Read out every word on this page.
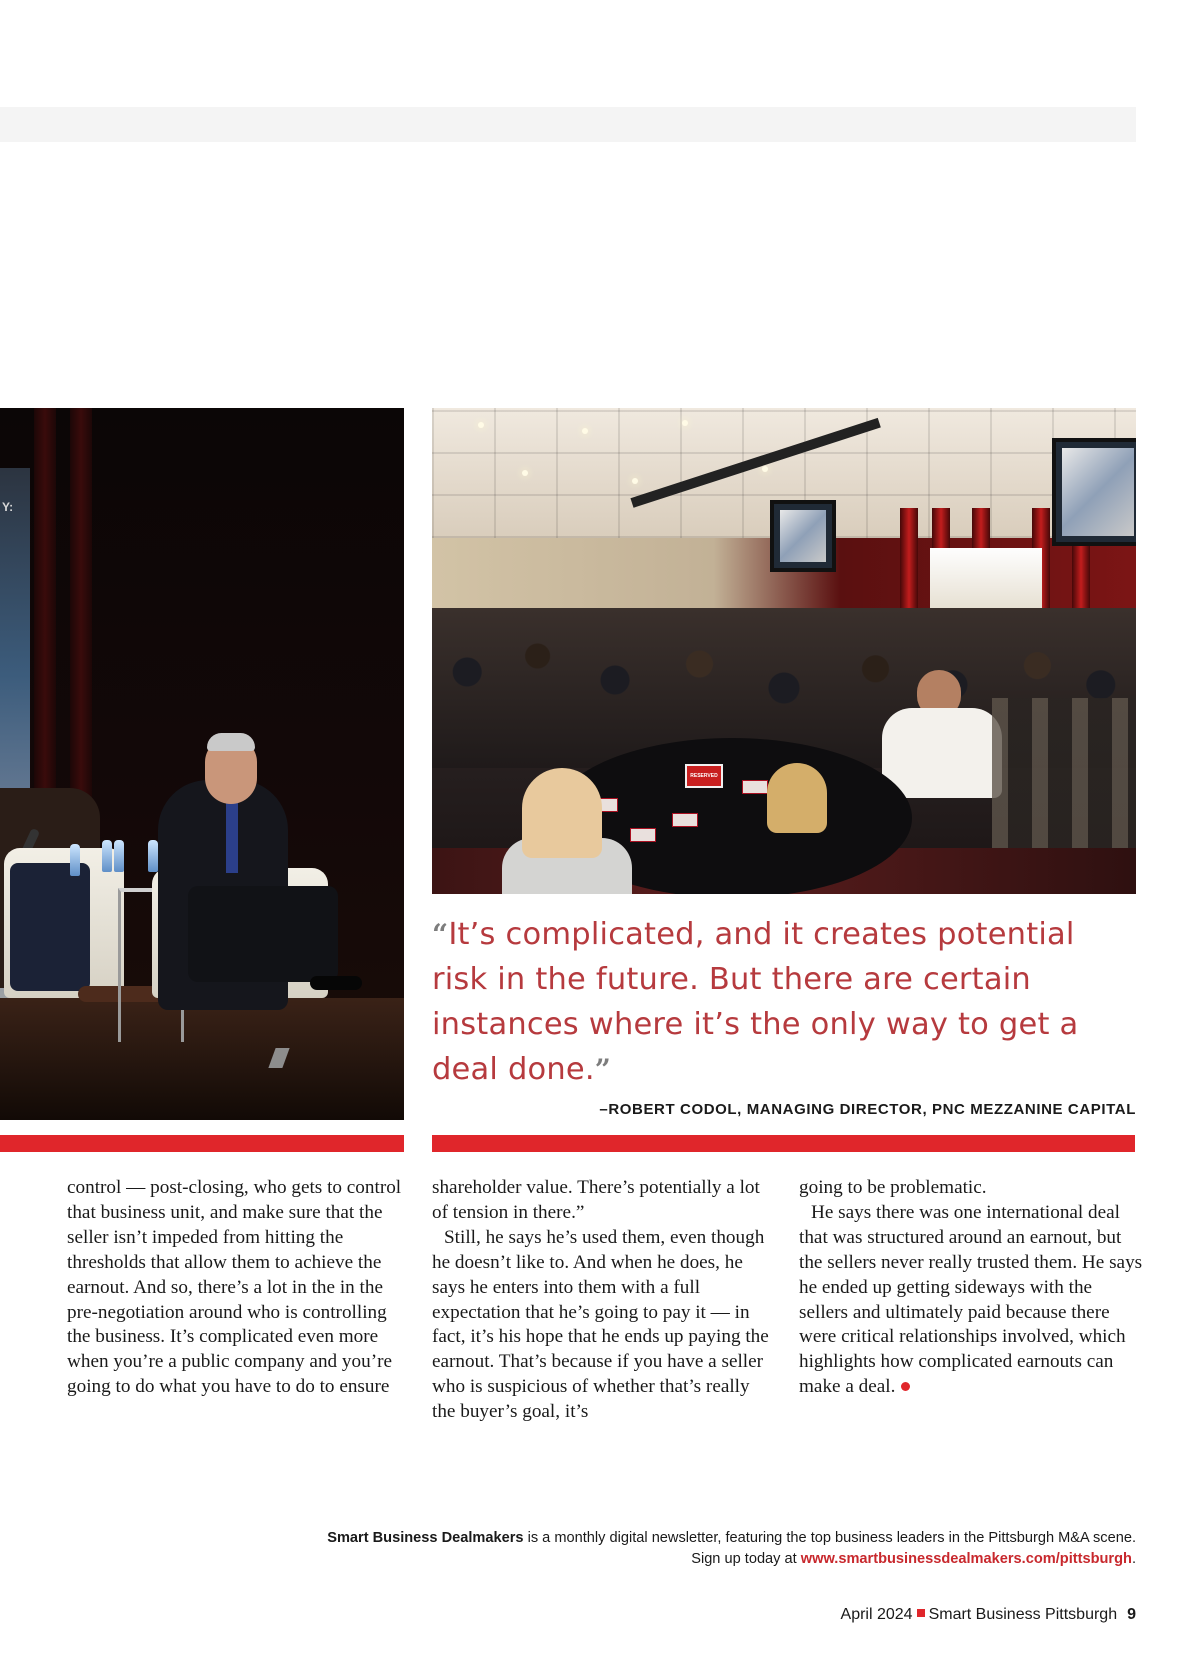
Y:
RESERVED

“It’s complicated, and it creates potential risk in the future. But there are certain instances where it’s the only way to get a deal done.”

–ROBERT CODOL, MANAGING DIRECTOR, PNC MEZZANINE CAPITAL

control — post-closing, who gets to control that business unit, and make sure that the seller isn’t impeded from hitting the thresholds that allow them to achieve the earnout. And so, there’s a lot in the in the pre-negotiation around who is controlling the business. It’s complicated even more when you’re a public company and you’re going to do what you have to do to ensure

shareholder value. There’s potentially a lot of tension in there.”

Still, he says he’s used them, even though he doesn’t like to. And when he does, he says he enters into them with a full expectation that he’s going to pay it — in fact, it’s his hope that he ends up paying the earnout. That’s because if you have a seller who is suspicious of whether that’s really the buyer’s goal, it’s

going to be problematic.

He says there was one international deal that was structured around an earnout, but the sellers never really trusted them. He says he ended up getting sideways with the sellers and ultimately paid because there were critical relationships involved, which highlights how complicated earnouts can make a deal.

Smart Business Dealmakers is a monthly digital newsletter, featuring the top business leaders in the Pittsburgh M&A scene.
Sign up today at www.smartbusinessdealmakers.com/pittsburgh.
April 2024 Smart Business Pittsburgh 9
